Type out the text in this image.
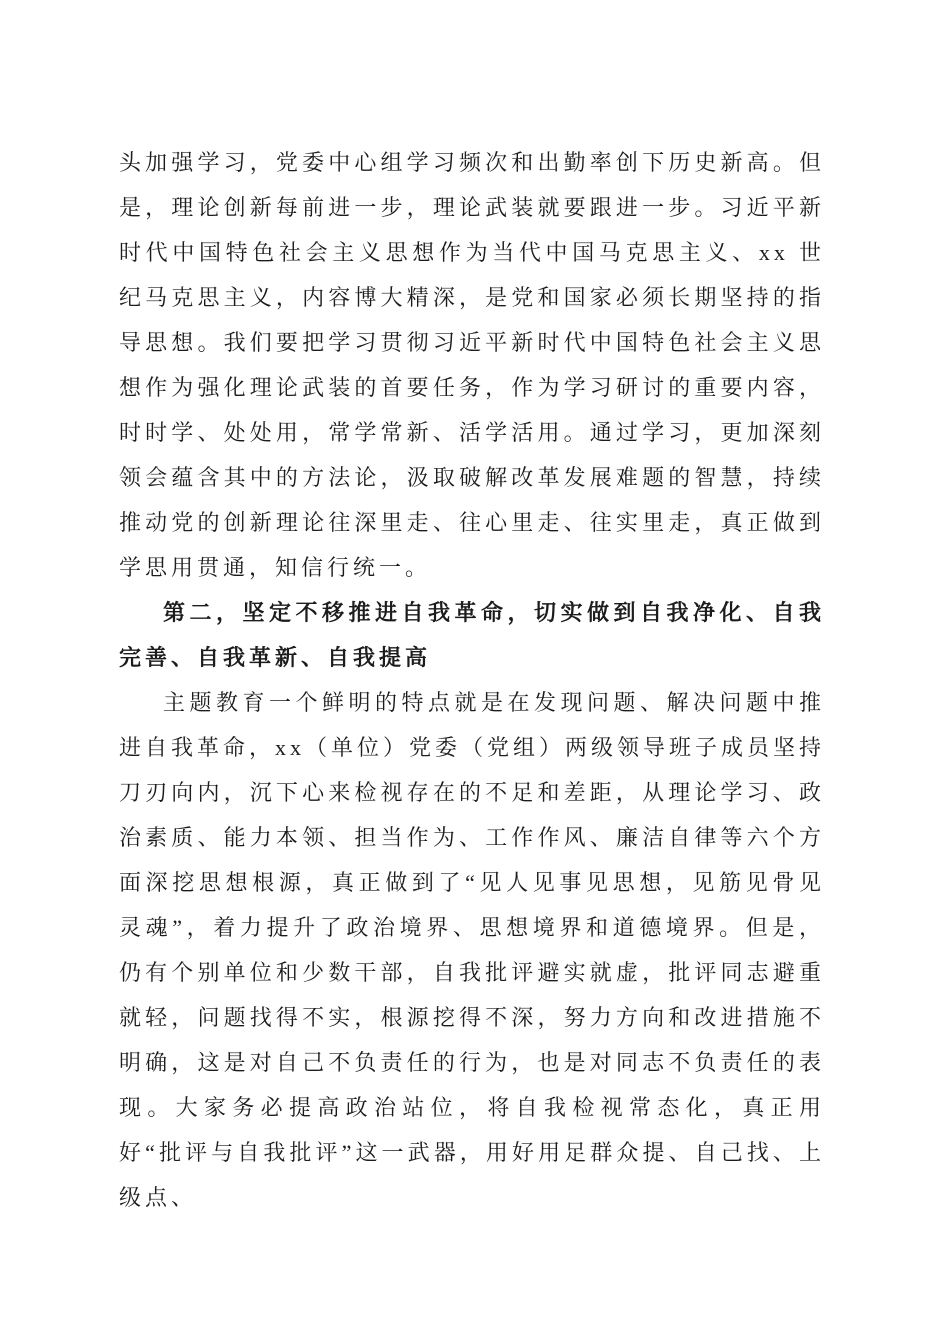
头加强学习，党委中心组学习频次和出勤率创下历史新高。但是，理论创新每前进一步，理论武装就要跟进一步。习近平新时代中国特色社会主义思想作为当代中国马克思主义、xx 世纪马克思主义，内容博大精深，是党和国家必须长期坚持的指导思想。我们要把学习贯彻习近平新时代中国特色社会主义思想作为强化理论武装的首要任务，作为学习研讨的重要内容，时时学、处处用，常学常新、活学活用。通过学习，更加深刻领会蕴含其中的方法论，汲取破解改革发展难题的智慧，持续推动党的创新理论往深里走、往心里走、往实里走，真正做到学思用贯通，知信行统一。

第二，坚定不移推进自我革命，切实做到自我净化、自我完善、自我革新、自我提高

主题教育一个鲜明的特点就是在发现问题、解决问题中推进自我革命，xx（单位）党委（党组）两级领导班子成员坚持刀刃向内，沉下心来检视存在的不足和差距，从理论学习、政治素质、能力本领、担当作为、工作作风、廉洁自律等六个方面深挖思想根源，真正做到了“见人见事见思想，见筋见骨见灵魂”，着力提升了政治境界、思想境界和道德境界。但是，仍有个别单位和少数干部，自我批评避实就虚，批评同志避重就轻，问题找得不实，根源挖得不深，努力方向和改进措施不明确，这是对自己不负责任的行为，也是对同志不负责任的表现。大家务必提高政治站位，将自我检视常态化，真正用好“批评与自我批评”这一武器，用好用足群众提、自己找、上级点、
